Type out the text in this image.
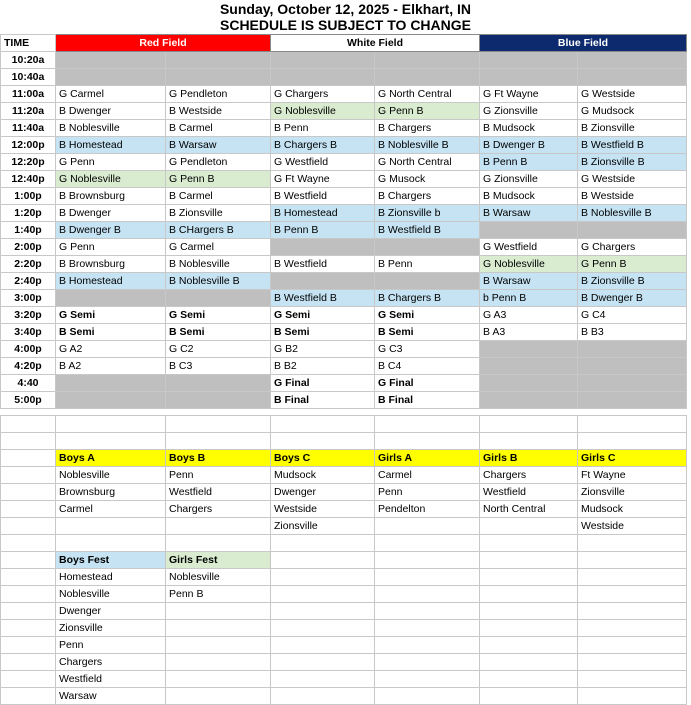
Sunday, October 12, 2025 - Elkhart, IN
SCHEDULE IS SUBJECT TO CHANGE
TIME	Red Field		White Field		Blue Field	
10:20a						
10:40a						
11:00a	G Carmel	G Pendleton	G Chargers	G North Central	G Ft Wayne	G Westside
11:20a	B Dwenger	B Westside	G Noblesville	G Penn B	G Zionsville	G Mudsock
11:40a	B Noblesville	B Carmel	B Penn	B Chargers	B Mudsock	B Zionsville
12:00p	B Homestead	B Warsaw	B Chargers B	B Noblesville B	B Dwenger B	B Westfield B
12:20p	G Penn	G Pendleton	G Westfield	G North Central	B Penn B	B Zionsville B
12:40p	G Noblesville	G Penn B	G Ft Wayne	G Musock	G Zionsville	G Westside
1:00p	B Brownsburg	B Carmel	B Westfield	B Chargers	B Mudsock	B Westside
1:20p	B Dwenger	B Zionsville	B Homestead	B Zionsville b	B Warsaw	B Noblesville B
1:40p	B Dwenger B	B CHargers B	B Penn B	B Westfield B		
2:00p	G Penn	G Carmel			G Westfield	G Chargers
2:20p	B Brownsburg	B Noblesville	B Westfield	B Penn	G Noblesville	G Penn B
2:40p	B Homestead	B Noblesville B			B Warsaw	B Zionsville B
3:00p			B Westfield B	B Chargers B	b Penn B	B Dwenger B
3:20p	G Semi	G Semi	G Semi	G Semi	G A3	G C4
3:40p	B Semi	B Semi	B Semi	B Semi	B A3	B B3
4:00p	G A2	G C2	G B2	G C3		
4:20p	B A2	B C3	B B2	B C4		
4:40			G Final	G Final		
5:00p			B Final	B Final		

	Boys A	Boys B	Boys C	Girls A	Girls B	Girls C
	Noblesville	Penn	Mudsock	Carmel	Chargers	Ft Wayne
	Brownsburg	Westfield	Dwenger	Penn	Westfield	Zionsville
	Carmel	Chargers	Westside	Pendelton	North Central	Mudsock
			Zionsville			Westside

	Boys Fest	Girls Fest				
	Homestead	Noblesville				
	Noblesville	Penn B				
	Dwenger					
	Zionsville					
	Penn					
	Chargers					
	Westfield					
	Warsaw					
